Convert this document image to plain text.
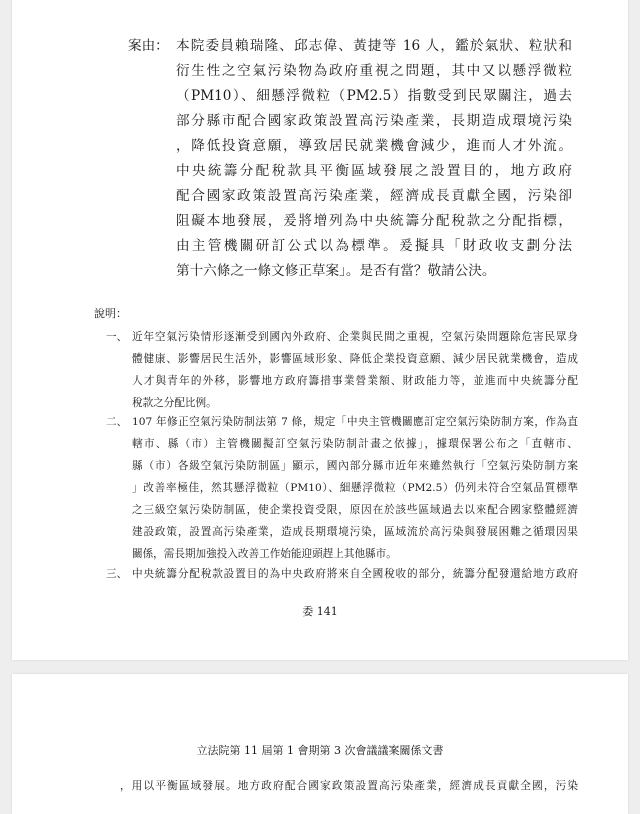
案由： 本院委員賴瑞隆、邱志偉、黃捷等 16 人，鑑於氣狀、粒狀和
衍生性之空氣污染物為政府重視之問題，其中又以懸浮微粒
（PM10）、細懸浮微粒（PM2.5）指數受到民眾關注，過去
部分縣市配合國家政策設置高污染產業，長期造成環境污染
，降低投資意願，導致居民就業機會減少，進而人才外流。
中央統籌分配稅款具平衡區域發展之設置目的，地方政府
配合國家政策設置高污染產業，經濟成長貢獻全國，污染卻
阻礙本地發展，爰將增列為中央統籌分配稅款之分配指標，
由主管機關研訂公式以為標準。爰擬具「財政收支劃分法
第十六條之一條文修正草案」。是否有當？敬請公決。
說明：
一、 近年空氣污染情形逐漸受到國內外政府、企業與民間之重視，空氣污染問題除危害民眾身
體健康、影響居民生活外，影響區域形象、降低企業投資意願、減少居民就業機會，造成
人才與青年的外移，影響地方政府籌措事業營業額、財政能力等，並進而中央統籌分配
稅款之分配比例。
二、 107 年修正空氣污染防制法第 7 條，規定「中央主管機關應訂定空氣污染防制方案，作為直
轄市、縣（市）主管機關擬訂空氣污染防制計畫之依據」，據環保署公布之「直轄市、
縣（市）各級空氣污染防制區」顯示，國內部分縣市近年來雖然執行「空氣污染防制方案
」改善率極佳，然其懸浮微粒（PM10）、細懸浮微粒（PM2.5）仍列未符合空氣品質標準
之三級空氣污染防制區，使企業投資受限，原因在於該些區域過去以來配合國家整體經濟
建設政策，設置高污染產業，造成長期環境污染，區域流於高污染與發展困難之循環因果
關係，需長期加強投入改善工作始能迎頭趕上其他縣市。
三、 中央統籌分配稅款設置目的為中央政府將來自全國稅收的部分，統籌分配發還給地方政府
委 141
立法院第 11 屆第 1 會期第 3 次會議議案關係文書
，用以平衡區域發展。地方政府配合國家政策設置高污染產業，經濟成長貢獻全國，污染
